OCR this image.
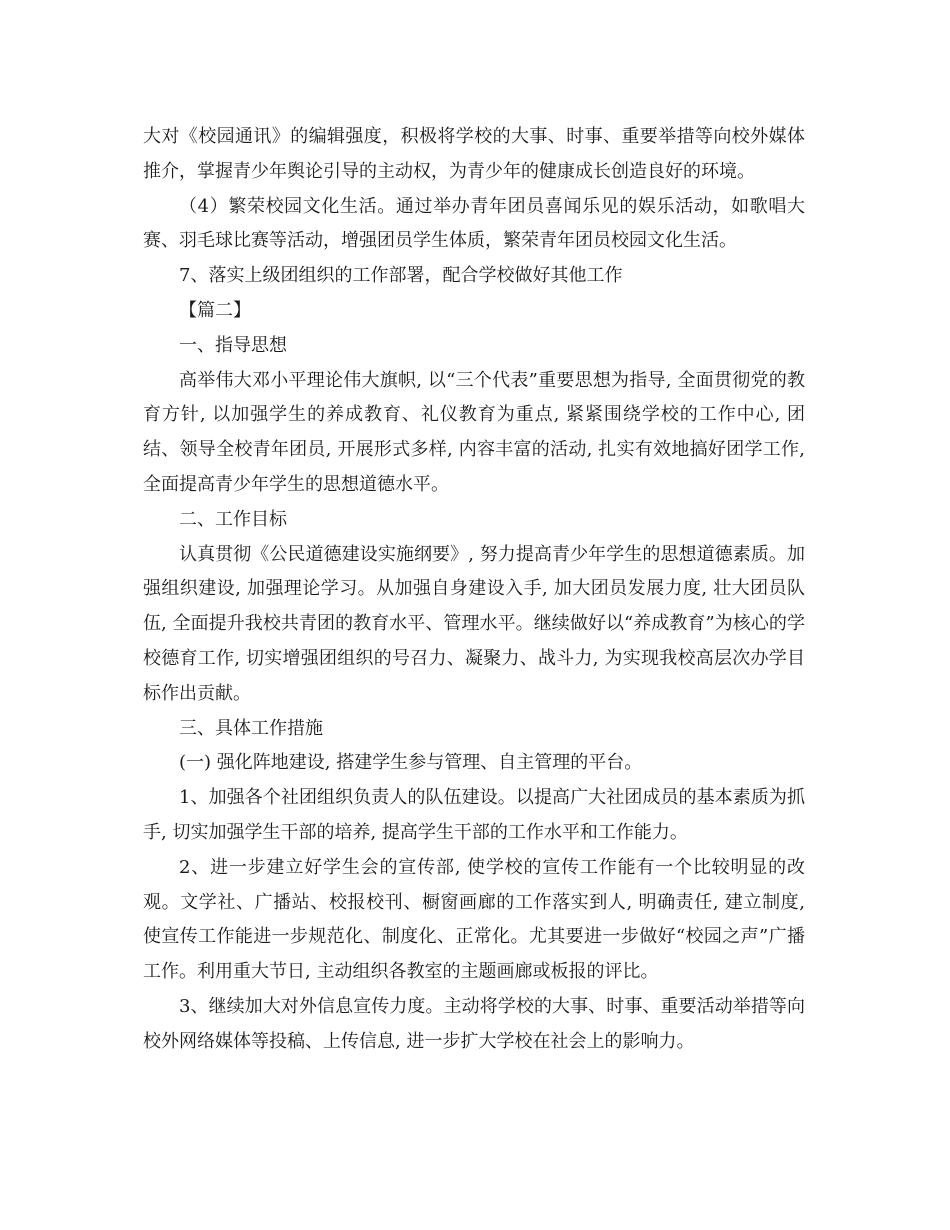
大对《校园通讯》的编辑强度，积极将学校的大事、时事、重要举措等向校外媒体推介，掌握青少年舆论引导的主动权，为青少年的健康成长创造良好的环境。

（4）繁荣校园文化生活。通过举办青年团员喜闻乐见的娱乐活动，如歌唱大赛、羽毛球比赛等活动，增强团员学生体质，繁荣青年团员校园文化生活。

7、落实上级团组织的工作部署，配合学校做好其他工作

【篇二】

一、指导思想

高举伟大邓小平理论伟大旗帜, 以“三个代表”重要思想为指导, 全面贯彻党的教育方针, 以加强学生的养成教育、礼仪教育为重点, 紧紧围绕学校的工作中心, 团结、领导全校青年团员, 开展形式多样, 内容丰富的活动, 扎实有效地搞好团学工作, 全面提高青少年学生的思想道德水平。

二、工作目标

认真贯彻《公民道德建设实施纲要》, 努力提高青少年学生的思想道德素质。加强组织建设, 加强理论学习。从加强自身建设入手, 加大团员发展力度, 壮大团员队伍, 全面提升我校共青团的教育水平、管理水平。继续做好以“养成教育”为核心的学校德育工作, 切实增强团组织的号召力、凝聚力、战斗力, 为实现我校高层次办学目标作出贡献。

三、具体工作措施

(一) 强化阵地建设, 搭建学生参与管理、自主管理的平台。

1、加强各个社团组织负责人的队伍建设。以提高广大社团成员的基本素质为抓手, 切实加强学生干部的培养, 提高学生干部的工作水平和工作能力。

2、进一步建立好学生会的宣传部, 使学校的宣传工作能有一个比较明显的改观。文学社、广播站、校报校刊、橱窗画廊的工作落实到人, 明确责任, 建立制度, 使宣传工作能进一步规范化、制度化、正常化。尤其要进一步做好“校园之声”广播工作。利用重大节日, 主动组织各教室的主题画廊或板报的评比。

3、继续加大对外信息宣传力度。主动将学校的大事、时事、重要活动举措等向校外网络媒体等投稿、上传信息, 进一步扩大学校在社会上的影响力。
